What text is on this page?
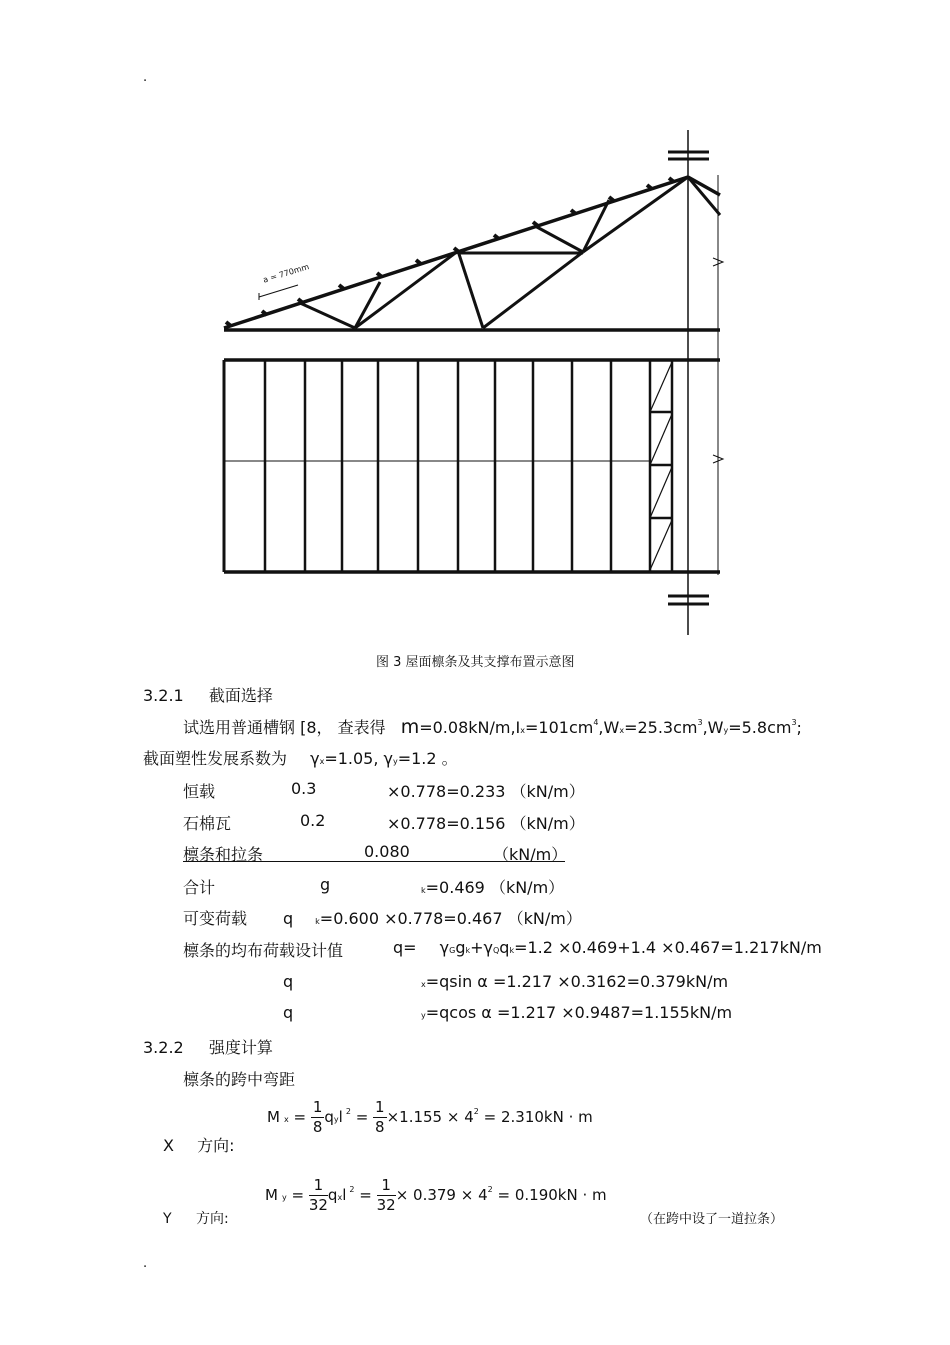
.
a = 770mm
图 3 屋面檩条及其支撑布置示意图
3.2.1 截面选择
试选用普通槽钢 [8， 查表得 $m=0.08kN/m,Ix=101cm^4,Wx=25.3cm^3,Wy=5.8cm^3$;
截面塑性发展系数为 γx=1.05, γy=1.2 。
恒载	0.3	×0.778=0.233 （kN/m）
石棉瓦	0.2	×0.778=0.156 （kN/m）
檩条和拉条	0.080	（kN/m）
合计	g	k=0.469 （kN/m）
可变荷载 q	k=0.600 ×0.778=0.467 （kN/m）
檩条的均布荷载设计值	q= γGgk+γQqk=1.2 ×0.469+1.4 ×0.467=1.217kN/m
q	x=qsin α =1.217 ×0.3162=0.379kN/m
q	y=qcos α =1.217 ×0.9487=1.155kN/m
3.2.2 强度计算
檩条的跨中弯距
X 方向:
$Mx = \frac{1}{8}$ qyl $^2 = \frac{1}{8} \times 1.155 \times 4^2 = 2.310kN \cdot m$
Y 方向:
$My = \frac{1}{32}$ qxl $^2 = \frac{1}{32} \times 0.379 \times 4^2 = 0.190kN \cdot m$
（在跨中设了一道拉条）
.
